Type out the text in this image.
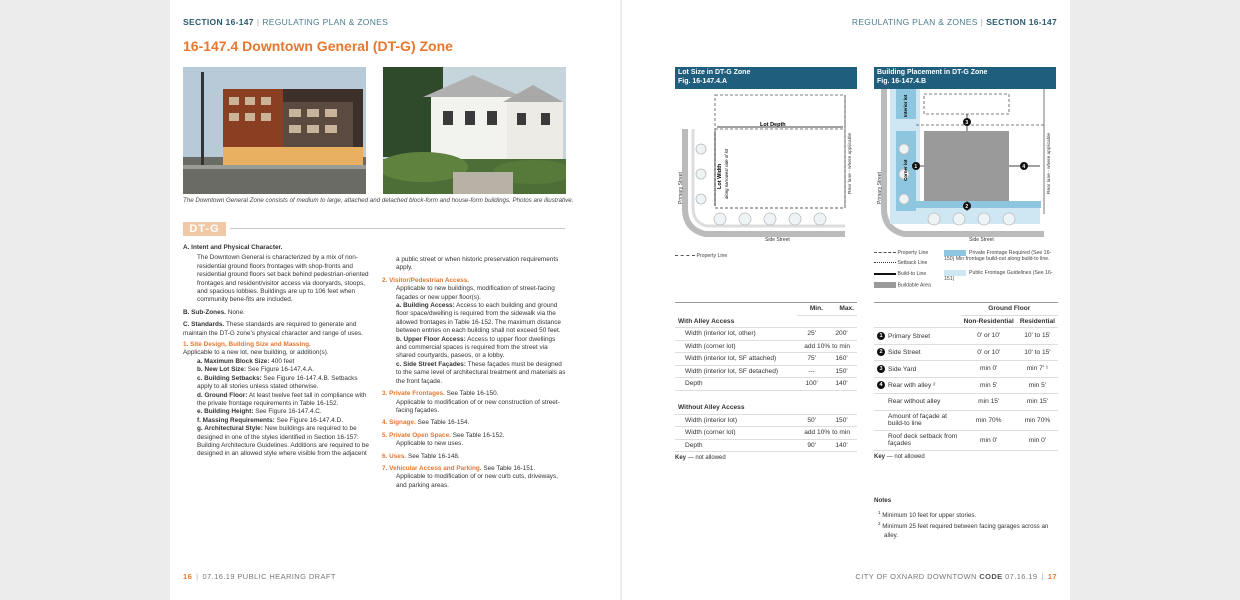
SECTION 16-147 | REGULATING PLAN & ZONES
16-147.4 Downtown General (DT-G) Zone
The Downtown General Zone consists of medium to large, attached and detached block-form and house-form buildings. Photos are illustrative.
DT-G

A. Intent and Physical Character.

The Downtown General is characterized by a mix of non-residential ground floors frontages with shop-fronts and residential ground floors set back behind pedestrian-oriented frontages and resident/visitor access via dooryards, stoops, and spacious lobbies. Buildings are up to 106 feet when community bene-fits are included.

B. Sub-Zones. None.

C. Standards. These standards are required to generate and maintain the DT-G zone's physical character and range of uses.

1. Site Design, Building Size and Massing.

Applicable to a new lot, new building, or addition(s).

a. Maximum Block Size: 400 feet

b. New Lot Size: See Figure 16-147.4.A.

c. Building Setbacks: See Figure 16-147.4.B. Setbacks apply to all stories unless stated otherwise.

d. Ground Floor: At least twelve feet tall in compliance with the private frontage requirements in Table 16-152.

e. Building Height: See Figure 16-147.4.C.

f. Massing Requirements: See Figure 16-147.4.D.

g. Architectural Style: New buildings are required to be designed in one of the styles identified in Section 16-157: Building Architecture Guidelines. Additions are required to be designed in an allowed style where visible from the adjacent

a public street or when historic preservation requirements apply.

2. Visitor/Pedestrian Access.

Applicable to new buildings, modification of street-facing façades or new upper floor(s).

a. Building Access: Access to each building and ground floor space/dwelling is required from the sidewalk via the allowed frontages in Table 16-152. The maximum distance between entries on each building shall not exceed 50 feet.

b. Upper Floor Access: Access to upper floor dwellings and commercial spaces is required from the street via shared courtyards, paseos, or a lobby.

c. Side Street Façades: These façades must be designed to the same level of architectural treatment and materials as the front façade.

3. Private Frontages. See Table 16-150.

Applicable to modification of or new construction of street-facing façades.

4. Signage. See Table 16-154.

5. Private Open Space. See Table 16-152.

Applicable to new uses.

6. Uses. See Table 16-148.

7. Vehicular Access and Parking. See Table 16-151.

Applicable to modification of or new curb cuts, driveways, and parking areas.

16 | 07.16.19 PUBLIC HEARING DRAFT
REGULATING PLAN & ZONES | SECTION 16-147
Lot Size in DT-G Zone
Fig. 16-147.4.A
Lot Depth
Lot Width along narrowest side of lot
Primary Street	Rear lane - where applicable
Side Street
Building Placement in DT-G Zone
Fig. 16-147.4.B
1
2
3
4
Interior lot
Corner lot
Primary Street	Rear lane - where applicable
Side Street
Property Line	Property Line
Setback Line
Build-to Line
Buildable Area
Private Frontage Required (See 16-150) Min frontage build-out along build-to line.
Public Frontage Guidelines (See 16-151)
	Min.	Max.
With Alley Access		
Width (interior lot, other)	25'	200'
Width (corner lot)	add 10% to min	
Width (interior lot, SF attached)	75'	160'
Width (interior lot, SF detached)	---	150'
Depth	100'	140'

Without Alley Access		
Width (interior lot)	50'	150'
Width (corner lot)	add 10% to min	
Depth	90'	140'
Key — not allowed
	Ground Floor	
	Non-Residential	Residential
1 Primary Street	0' or 10'	10' to 15'
2 Side Street	0' or 10'	10' to 15'
3 Side Yard	min 0'	min 7' ¹
4 Rear with alley ²	min 5'	min 5'
Rear without alley	min 15'	min 15'
Amount of façade at build-to line	min 70%	min 70%
Roof deck setback from façades	min 0'	min 0'
Key — not allowed
Notes
$^1$ Minimum 10 feet for upper stories.
$^2$ Minimum 25 feet required between facing garages across an alley.
CITY OF OXNARD DOWNTOWN CODE 07.16.19 | 17
